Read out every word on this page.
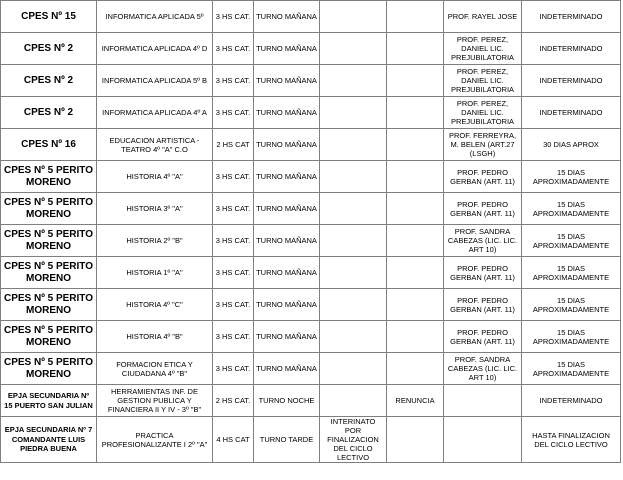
CPES Nº 15	INFORMATICA APLICADA 5º	3 HS CAT.	TURNO MAÑANA			PROF. RAYEL JOSE	INDETERMINADO
CPES Nº 2	INFORMATICA APLICADA 4º D	3 HS CAT.	TURNO MAÑANA			PROF. PEREZ, DANIEL LIC. PREJUBILATORIA	INDETERMINADO
CPES Nº 2	INFORMATICA APLICADA 5º B	3 HS CAT.	TURNO MAÑANA			PROF. PEREZ, DANIEL LIC. PREJUBILATORIA	INDETERMINADO
CPES Nº 2	INFORMATICA APLICADA 4º A	3 HS CAT.	TURNO MAÑANA			PROF. PEREZ, DANIEL LIC. PREJUBILATORIA	INDETERMINADO
CPES Nº 16	EDUCACION ARTISTICA - TEATRO 4º "A" C.O	2 HS CAT	TURNO MAÑANA			PROF. FERREYRA, M. BELEN (ART.27 (LSGH)	30 DIAS APROX
CPES Nº 5 PERITO MORENO	HISTORIA 4º "A"	3 HS CAT.	TURNO MAÑANA			PROF. PEDRO GERBAN (ART. 11)	15 DIAS APROXIMADAMENTE
CPES Nº 5 PERITO MORENO	HISTORIA 3º "A"	3 HS CAT.	TURNO MAÑANA			PROF. PEDRO GERBAN (ART. 11)	15 DIAS APROXIMADAMENTE
CPES Nº 5 PERITO MORENO	HISTORIA 2º "B"	3 HS CAT.	TURNO MAÑANA			PROF. SANDRA CABEZAS (LIC. LIC. ART 10)	15 DIAS APROXIMADAMENTE
CPES Nº 5 PERITO MORENO	HISTORIA 1º "A"	3 HS CAT.	TURNO MAÑANA			PROF. PEDRO GERBAN (ART. 11)	15 DIAS APROXIMADAMENTE
CPES Nº 5 PERITO MORENO	HISTORIA 4º "C"	3 HS CAT.	TURNO MAÑANA			PROF. PEDRO GERBAN (ART. 11)	15 DIAS APROXIMADAMENTE
CPES Nº 5 PERITO MORENO	HISTORIA 4º "B"	3 HS CAT.	TURNO MAÑANA			PROF. PEDRO GERBAN (ART. 11)	15 DIAS APROXIMADAMENTE
CPES Nº 5 PERITO MORENO	FORMACION ETICA Y CIUDADANA 4º "B"	3 HS CAT.	TURNO MAÑANA			PROF. SANDRA CABEZAS (LIC. LIC. ART 10)	15 DIAS APROXIMADAMENTE
EPJA SECUNDARIA Nº 15 PUERTO SAN JULIAN	HERRAMIENTAS INF. DE GESTION PUBLICA Y FINANCIERA II Y IV - 3º "B"	2 HS CAT.	TURNO NOCHE		RENUNCIA		INDETERMINADO
EPJA SECUNDARIA Nº 7 COMANDANTE LUIS PIEDRA BUENA	PRACTICA PROFESIONALIZANTE I 2º "A"	4 HS CAT	TURNO TARDE	INTERINATO POR FINALIZACION DEL CICLO LECTIVO			HASTA FINALIZACION DEL CICLO LECTIVO
